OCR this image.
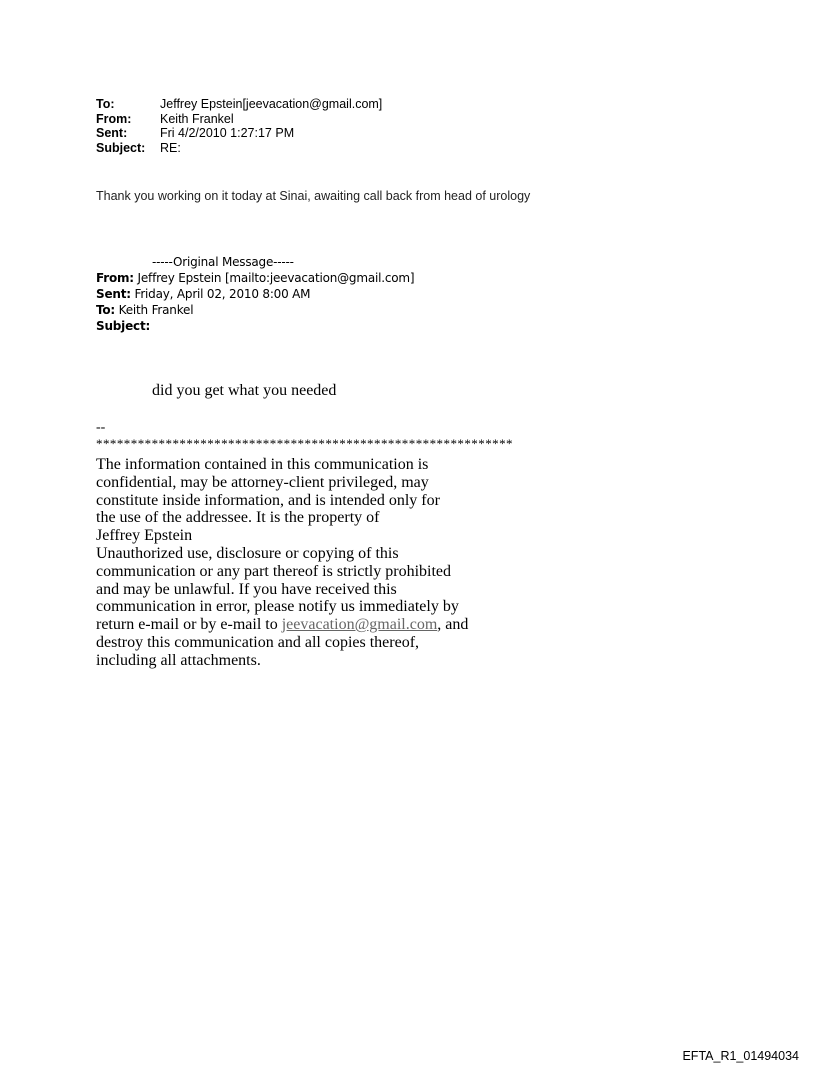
To:	Jeffrey Epstein[jeevacation@gmail.com]
From:	Keith Frankel
Sent:	Fri 4/2/2010 1:27:17 PM
Subject:	RE:
Thank you working on it today at Sinai, awaiting call back from head of urology
-----Original Message-----
From: Jeffrey Epstein [mailto:jeevacation@gmail.com]
Sent: Friday, April 02, 2010 8:00 AM
To: Keith Frankel
Subject:
did you get what you needed
--
************************************************************
The information contained in this communication is
confidential, may be attorney-client privileged, may
constitute inside information, and is intended only for
the use of the addressee. It is the property of
Jeffrey Epstein
Unauthorized use, disclosure or copying of this
communication or any part thereof is strictly prohibited
and may be unlawful. If you have received this
communication in error, please notify us immediately by
return e-mail or by e-mail to jeevacation@gmail.com, and
destroy this communication and all copies thereof,
including all attachments.
EFTA_R1_01494034
